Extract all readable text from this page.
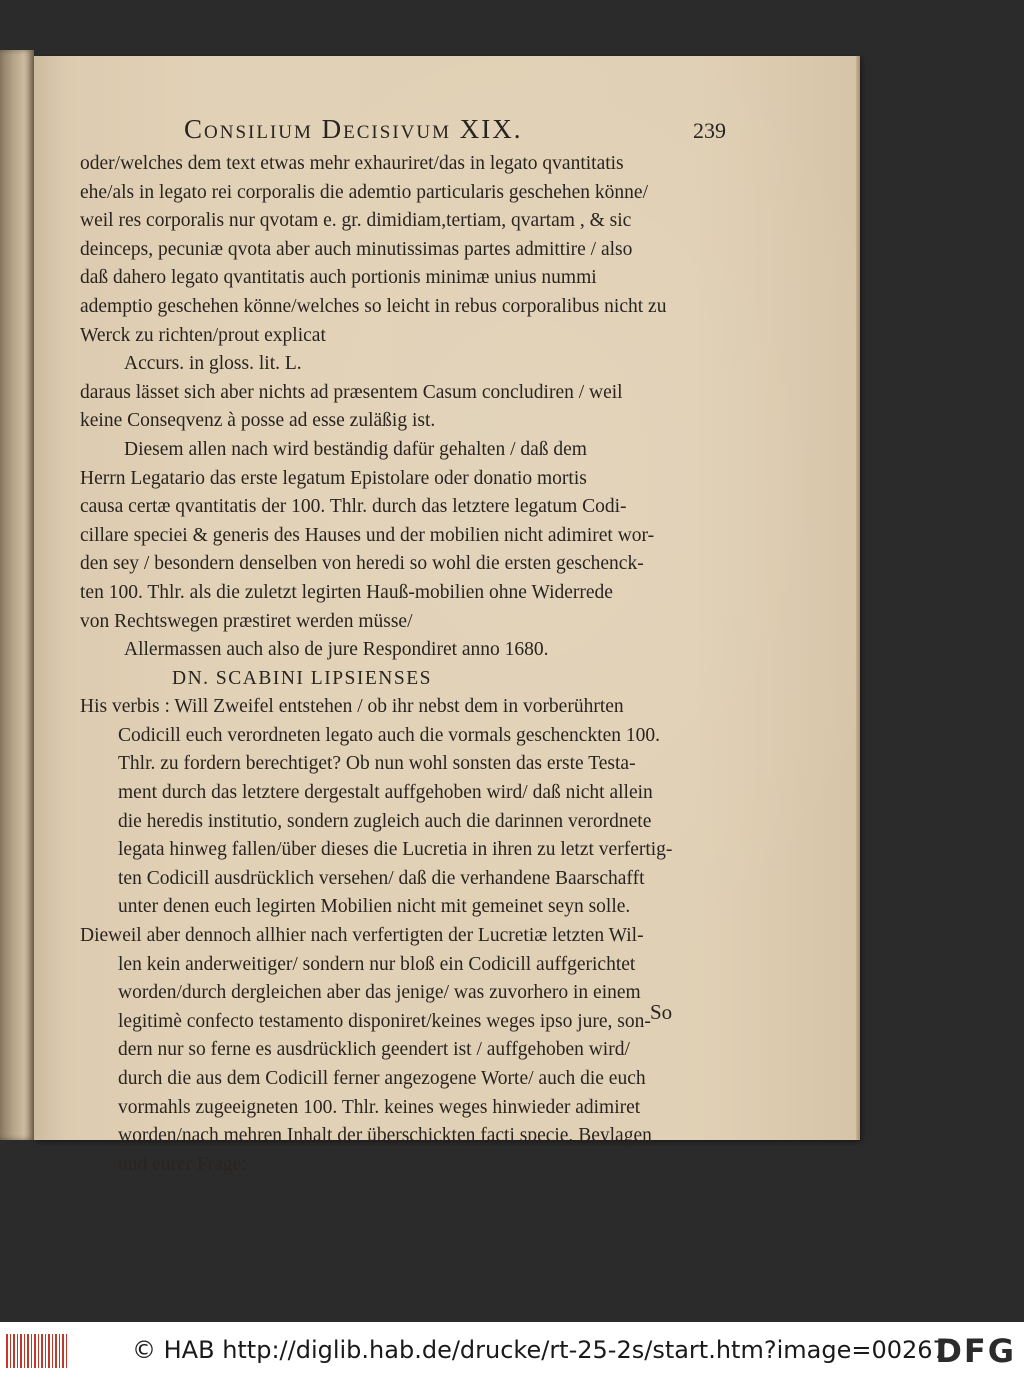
Consilium Decisivum XIX.	239
oder/welches dem text etwas mehr exhauriret/das in legato qvantitatis
ehe/als in legato rei corporalis die ademtio particularis geschehen könne/
weil res corporalis nur qvotam e. gr. dimidiam,tertiam, qvartam , & sic
deinceps, pecuniæ qvota aber auch minutissimas partes admittire / also
daß dahero legato qvantitatis auch portionis minimæ unius nummi
ademptio geschehen könne/welches so leicht in rebus corporalibus nicht zu
Werck zu richten/prout explicat
Accurs. in gloss. lit. L.
daraus lässet sich aber nichts ad præsentem Casum concludiren / weil
keine Conseqvenz à posse ad esse zuläßig ist.
Diesem allen nach wird beständig dafür gehalten / daß dem
Herrn Legatario das erste legatum Epistolare oder donatio mortis
causa certæ qvantitatis der 100. Thlr. durch das letztere legatum Codi-
cillare speciei & generis des Hauses und der mobilien nicht adimiret wor-
den sey / besondern denselben von heredi so wohl die ersten geschenck-
ten 100. Thlr. als die zuletzt legirten Hauß-mobilien ohne Widerrede
von Rechtswegen præstiret werden müsse/
Allermassen auch also de jure Respondiret anno 1680.
DN. SCABINI LIPSIENSES
His verbis : Will Zweifel entstehen / ob ihr nebst dem in vorberührten
Codicill euch verordneten legato auch die vormals geschenckten 100.
Thlr. zu fordern berechtiget? Ob nun wohl sonsten das erste Testa-
ment durch das letztere dergestalt auffgehoben wird/ daß nicht allein
die heredis institutio, sondern zugleich auch die darinnen verordnete
legata hinweg fallen/über dieses die Lucretia in ihren zu letzt verfertig-
ten Codicill ausdrücklich versehen/ daß die verhandene Baarschafft
unter denen euch legirten Mobilien nicht mit gemeinet seyn solle.
Dieweil aber dennoch allhier nach verfertigten der Lucretiæ letzten Wil-
len kein anderweitiger/ sondern nur bloß ein Codicill auffgerichtet
worden/durch dergleichen aber das jenige/ was zuvorhero in einem
legitimè confecto testamento disponiret/keines weges ipso jure, son-
dern nur so ferne es ausdrücklich geendert ist / auffgehoben wird/
durch die aus dem Codicill ferner angezogene Worte/ auch die euch
vormahls zugeeigneten 100. Thlr. keines weges hinwieder adimiret
worden/nach mehren Inhalt der überschickten facti specie, Beylagen
und eurer Frage:
So
© HAB http://diglib.hab.de/drucke/rt-25-2s/start.htm?image=00267
DFG
